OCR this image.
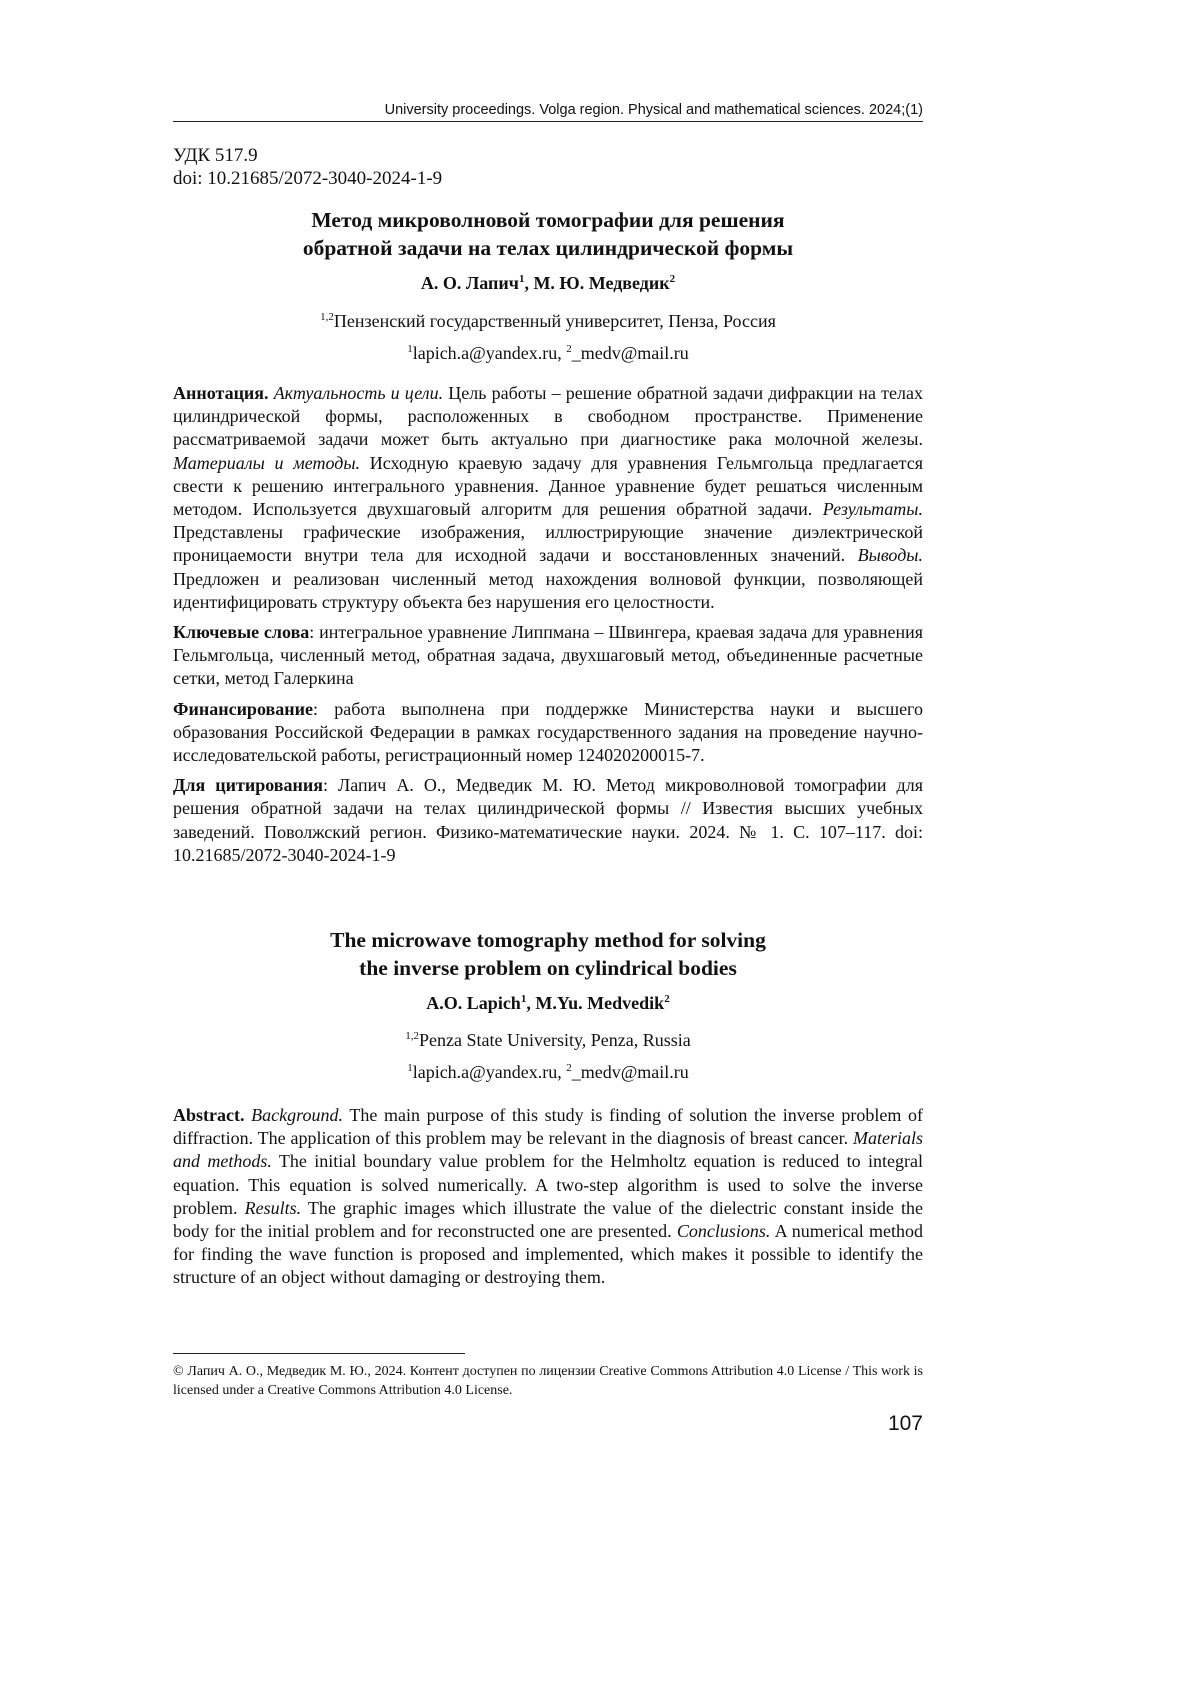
University proceedings. Volga region. Physical and mathematical sciences. 2024;(1)
УДК 517.9
doi: 10.21685/2072-3040-2024-1-9
Метод микроволновой томографии для решения
обратной задачи на телах цилиндрической формы
А. О. Лапич$^1$, М. Ю. Медведик$^2$
$^{1,2}$Пензенский государственный университет, Пенза, Россия
$^1$lapich.a@yandex.ru, $^2$_medv@mail.ru

Аннотация. Актуальность и цели. Цель работы – решение обратной задачи дифракции на телах цилиндрической формы, расположенных в свободном пространстве. Применение рассматриваемой задачи может быть актуально при диагностике рака молочной железы. Материалы и методы. Исходную краевую задачу для уравнения Гельмгольца предлагается свести к решению интегрального уравнения. Данное уравнение будет решаться численным методом. Используется двухшаговый алгоритм для решения обратной задачи. Результаты. Представлены графические изображения, иллюстрирующие значение диэлектрической проницаемости внутри тела для исходной задачи и восстановленных значений. Выводы. Предложен и реализован численный метод нахождения волновой функции, позволяющей идентифицировать структуру объекта без нарушения его целостности.

Ключевые слова: интегральное уравнение Липпмана – Швингера, краевая задача для уравнения Гельмгольца, численный метод, обратная задача, двухшаговый метод, объединенные расчетные сетки, метод Галеркина

Финансирование: работа выполнена при поддержке Министерства науки и высшего образования Российской Федерации в рамках государственного задания на проведение научно-исследовательской работы, регистрационный номер 124020200015-7.

Для цитирования: Лапич А. О., Медведик М. Ю. Метод микроволновой томографии для решения обратной задачи на телах цилиндрической формы // Известия высших учебных заведений. Поволжский регион. Физико-математические науки. 2024. № 1. С. 107–117. doi: 10.21685/2072-3040-2024-1-9

The microwave tomography method for solving
the inverse problem on cylindrical bodies
A.O. Lapich$^1$, M.Yu. Medvedik$^2$
$^{1,2}$Penza State University, Penza, Russia
$^1$lapich.a@yandex.ru, $^2$_medv@mail.ru

Abstract. Background. The main purpose of this study is finding of solution the inverse problem of diffraction. The application of this problem may be relevant in the diagnosis of breast cancer. Materials and methods. The initial boundary value problem for the Helmholtz equation is reduced to integral equation. This equation is solved numerically. A two-step algorithm is used to solve the inverse problem. Results. The graphic images which illustrate the value of the dielectric constant inside the body for the initial problem and for reconstructed one are presented. Conclusions. A numerical method for finding the wave function is proposed and implemented, which makes it possible to identify the structure of an object without damaging or destroying them.

© Лапич А. О., Медведик М. Ю., 2024. Контент доступен по лицензии Creative Commons Attribution 4.0 License / This work is licensed under a Creative Commons Attribution 4.0 License.
107
